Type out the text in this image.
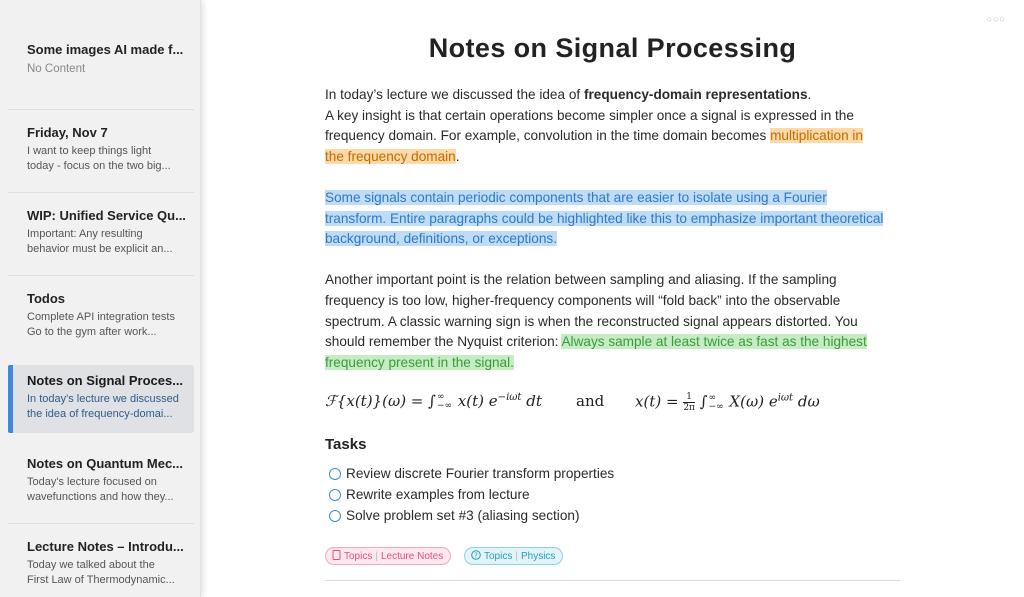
Some images AI made f...
No Content
Friday, Nov 7
I want to keep things light
today - focus on the two big...
WIP: Unified Service Qu...
Important: Any resulting
behavior must be explicit an...
Todos
Complete API integration tests
Go to the gym after work...
Notes on Signal Proces...
In today's lecture we discussed
the idea of frequency-domai...
Notes on Quantum Mec...
Today's lecture focused on
wavefunctions and how they...
Lecture Notes – Introdu...
Today we talked about the
First Law of Thermodynamic...
○○○
Notes on Signal Processing

In today’s lecture we discussed the idea of frequency-domain representations.

A key insight is that certain operations become simpler once a signal is expressed in the frequency domain. For example, convolution in the time domain becomes multiplication in the frequency domain.

Some signals contain periodic components that are easier to isolate using a Fourier transform. Entire paragraphs could be highlighted like this to emphasize important theoretical background, definitions, or exceptions.

Another important point is the relation between sampling and aliasing. If the sampling frequency is too low, higher-frequency components will “fold back” into the observable spectrum. A classic warning sign is when the reconstructed signal appears distorted. You should remember the Nyquist criterion: Always sample at least twice as fast as the highest frequency present in the signal.

ℱ{x(t)}(ω) = ∫ ∞
−∞ x(t) $e^{-i\omega t}$ dt and $x(t) = \frac{1}{2\pi}$ ∫ ∞
−∞ X(ω) $e^{i\omega t}$ dω
Tasks
Review discrete Fourier transform properties
Rewrite examples from lecture
Solve problem set #3 (aliasing section)
Topics | Lecture Notes	? Topics | Physics
